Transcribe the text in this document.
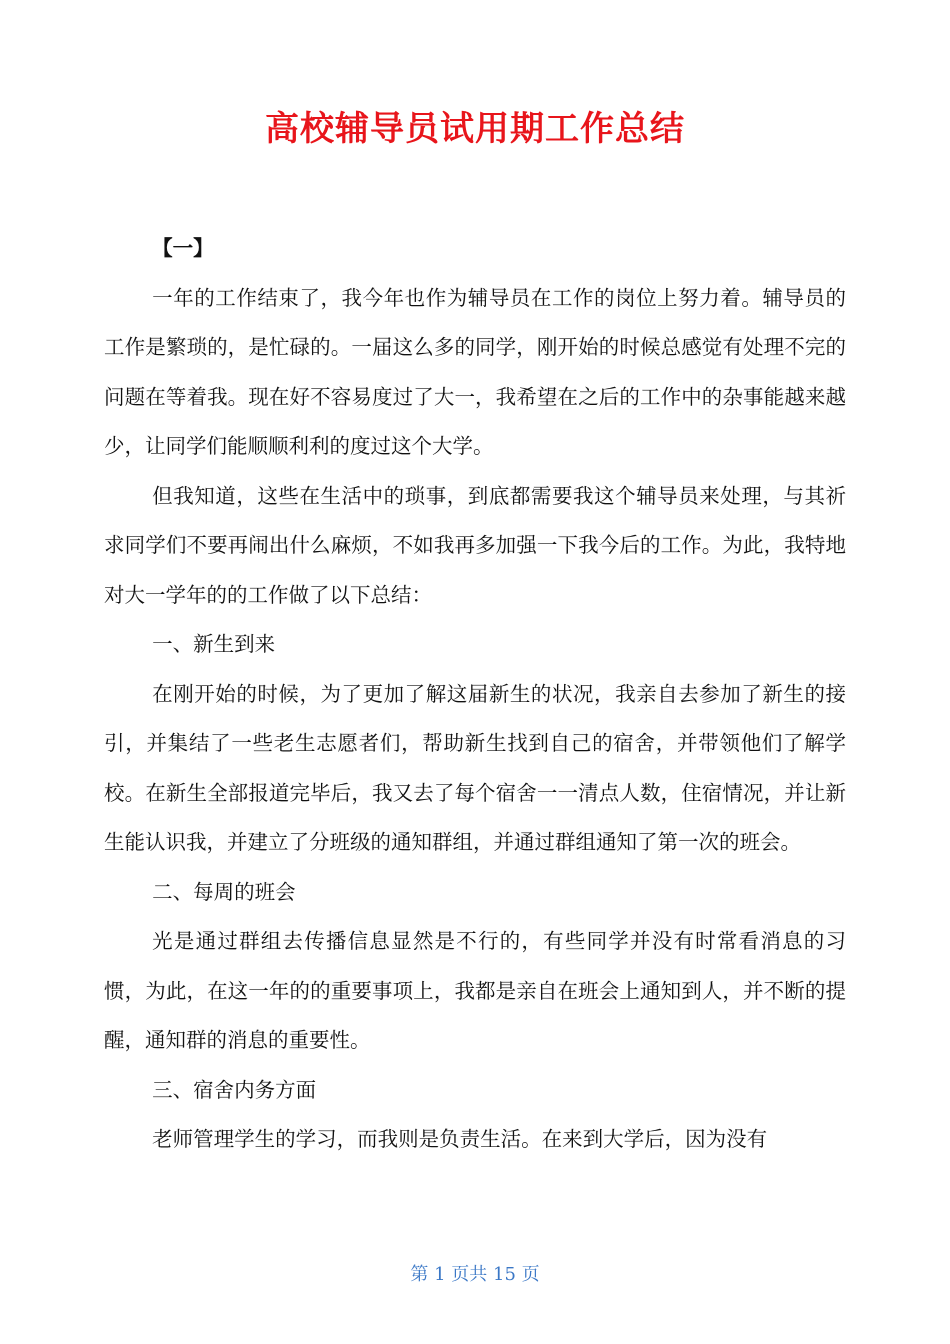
高校辅导员试用期工作总结

【一】

一年的工作结束了，我今年也作为辅导员在工作的岗位上努力着。辅导员的工作是繁琐的，是忙碌的。一届这么多的同学，刚开始的时候总感觉有处理不完的问题在等着我。现在好不容易度过了大一，我希望在之后的工作中的杂事能越来越少，让同学们能顺顺利利的度过这个大学。

但我知道，这些在生活中的琐事，到底都需要我这个辅导员来处理，与其祈求同学们不要再闹出什么麻烦，不如我再多加强一下我今后的工作。为此，我特地对大一学年的的工作做了以下总结：

一、新生到来

在刚开始的时候，为了更加了解这届新生的状况，我亲自去参加了新生的接引，并集结了一些老生志愿者们，帮助新生找到自己的宿舍，并带领他们了解学校。在新生全部报道完毕后，我又去了每个宿舍一一清点人数，住宿情况，并让新生能认识我，并建立了分班级的通知群组，并通过群组通知了第一次的班会。

二、每周的班会

光是通过群组去传播信息显然是不行的，有些同学并没有时常看消息的习惯，为此，在这一年的的重要事项上，我都是亲自在班会上通知到人，并不断的提醒，通知群的消息的重要性。

三、宿舍内务方面

老师管理学生的学习，而我则是负责生活。在来到大学后，因为没有

第 1 页共 15 页
